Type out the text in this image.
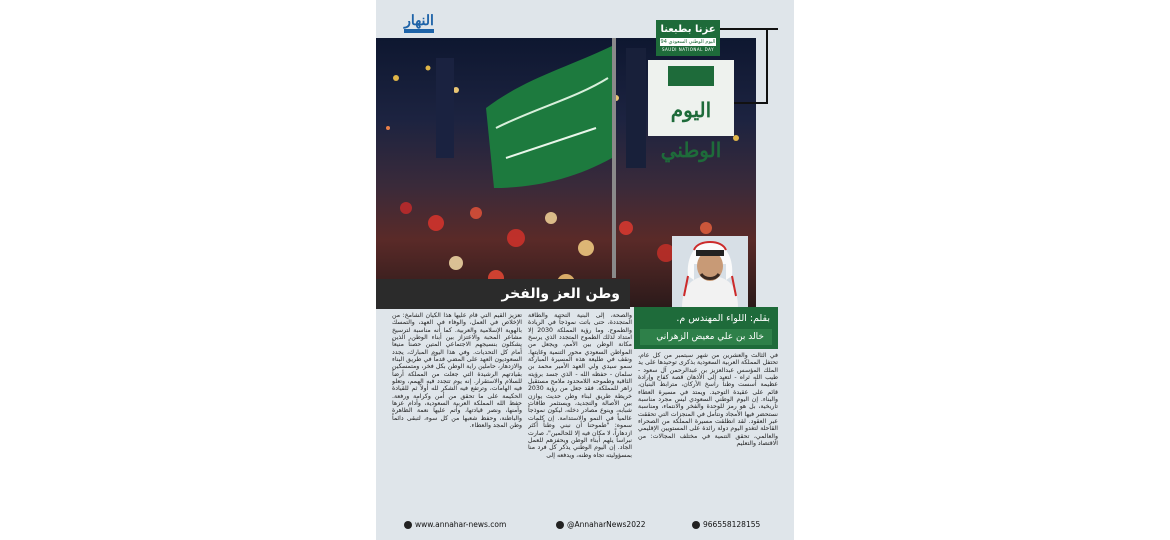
النهار
عزنا بطبعنا
اليوم الوطني السعودي 94
SAUDI NATIONAL DAY
اليوم الوطني
وطن العز والفخر
بقلم: اللواء المهندس م.
خالد بن علي معيض الزهراني

في الثالث والعشرين من شهر سبتمبر من كل عام، تحتفل المملكة العربية السعودية بذكرى توحيدها على يد الملك المؤسس عبدالعزيز بن عبدالرحمن آل سعود - طيب الله ثراه - لتعيد إلى الأذهان قصة كفاح وإرادة عظيمة أسست وطناً راسخ الأركان، مترابط البنيان، قائم على عقيدة التوحيد. ويمتد في مسيرة العطاء والبناء. إن اليوم الوطني السعودي ليس مجرد مناسبة تاريخية، بل هو رمز للوحدة والفخر والانتماء، ومناسبة نستحضر فيها الأمجاد ونتأمل في المنجزات التي تحققت عبر العقود. لقد انطلقت مسيرة المملكة من الصحراء القاحلة لتغدو اليوم دولة رائدة على المستويين الإقليمي والعالمي، تحقق التنمية في مختلف المجالات: من الاقتصاد والتعليم

والصحة، إلى البنية التحتية والطاقة المتجددة، حتى باتت نموذجاً في الريادة والطموح. وما رؤية المملكة 2030 إلا امتداد لذلك الطموح المتجدد الذي يرسخ مكانة الوطن بين الأمم، ويجعل من المواطن السعودي محور التنمية وغايتها. ونقف في طليعة هذه المسيرة المباركة سمو سيدي ولي العهد الأمير محمد بن سلمان - حفظه الله - الذي جسد برؤيته الثاقبة وطموحه اللامحدود ملامح مستقبل زاهر للمملكة. فقد جعل من رؤية 2030 خريطة طريق لبناء وطن حديث يوازن بين الأصالة والتجديد، ويستثمر طاقات شبابه، وينوع مصادر دخله، ليكون نموذجاً عالمياً في النمو والاستدامة. إن كلمات سموه: "طموحنا أن نبني وطناً أكثر ازدهاراً، لا مكان فيه إلا للحالمين"، صارت نبراساً يلهم أبناء الوطن ويحفزهم للعمل الجاد. إن اليوم الوطني يذكر كل فرد منا بمسؤوليته تجاه وطنه، ويدفعه إلى

تعزيز القيم التي قام عليها هذا الكيان الشامخ: من الإخلاص في العمل، والوفاء في العهد، والتمسك بالهوية الإسلامية والعربية. كما أنه مناسبة لترسيخ مشاعر المحبة والاعتزاز بين أبناء الوطن، الذين يشكلون بنسيجهم الاجتماعي المتين حصناً منيعاً أمام كل التحديات. وفي هذا اليوم المبارك، يجدد السعوديون العهد على المضي قدماً في طريق البناء والازدهار، حاملين راية الوطن بكل فخر، ومتمسكين بقيادتهم الرشيدة التي جعلت من المملكة أرضاً للسلام والاستقرار. إنه يوم تتجدد فيه الهمم، وتعلو فيه الهامات، وترتفع فيه الشكر لله أولاً ثم للقيادة الحكيمة على ما تحقق من أمن وكرامة ورفعة. حفظ الله المملكة العربية السعودية، وأدام عزها وأمنها، ونصر قيادتها، وأتم عليها نعمة الظاهرة والباطنة، وحفظ شعبها من كل سوء، لتبقى دائماً وطن المجد والعطاء.

www.annahar-news.com	@AnnaharNews2022	966558128155
